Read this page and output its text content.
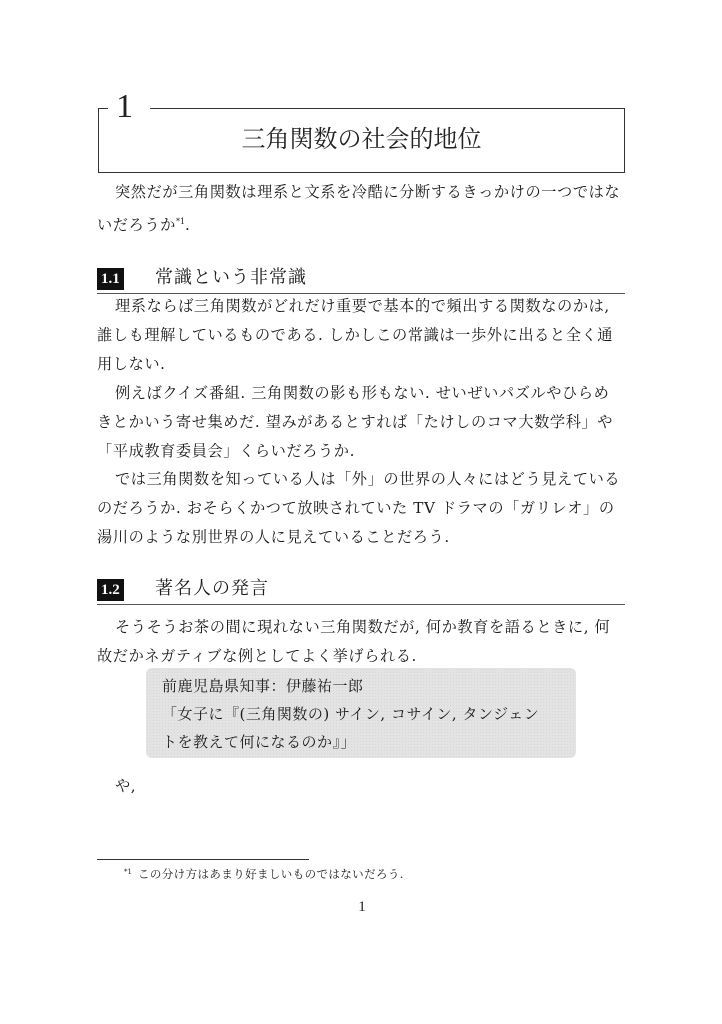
1
三角関数の社会的地位
突然だが三角関数は理系と文系を冷酷に分断するきっかけの一つではな
いだろうか$^{*1}$.
1.1 常識という非常識
理系ならば三角関数がどれだけ重要で基本的で頻出する関数なのかは,
誰しも理解しているものである. しかしこの常識は一歩外に出ると全く通
用しない.
例えばクイズ番組. 三角関数の影も形もない. せいぜいパズルやひらめ
きとかいう寄せ集めだ. 望みがあるとすれば「たけしのコマ大数学科」や
「平成教育委員会」くらいだろうか.
では三角関数を知っている人は「外」の世界の人々にはどう見えている
のだろうか. おそらくかつて放映されていた TV ドラマの「ガリレオ」の
湯川のような別世界の人に見えていることだろう.
1.2 著名人の発言
そうそうお茶の間に現れない三角関数だが, 何か教育を語るときに, 何
故だかネガティブな例としてよく挙げられる.
前鹿児島県知事：伊藤祐一郎
「女子に『(三角関数の) サイン, コサイン, タンジェン
トを教えて何になるのか』」
や,
$^{*1}$ この分け方はあまり好ましいものではないだろう.
1
